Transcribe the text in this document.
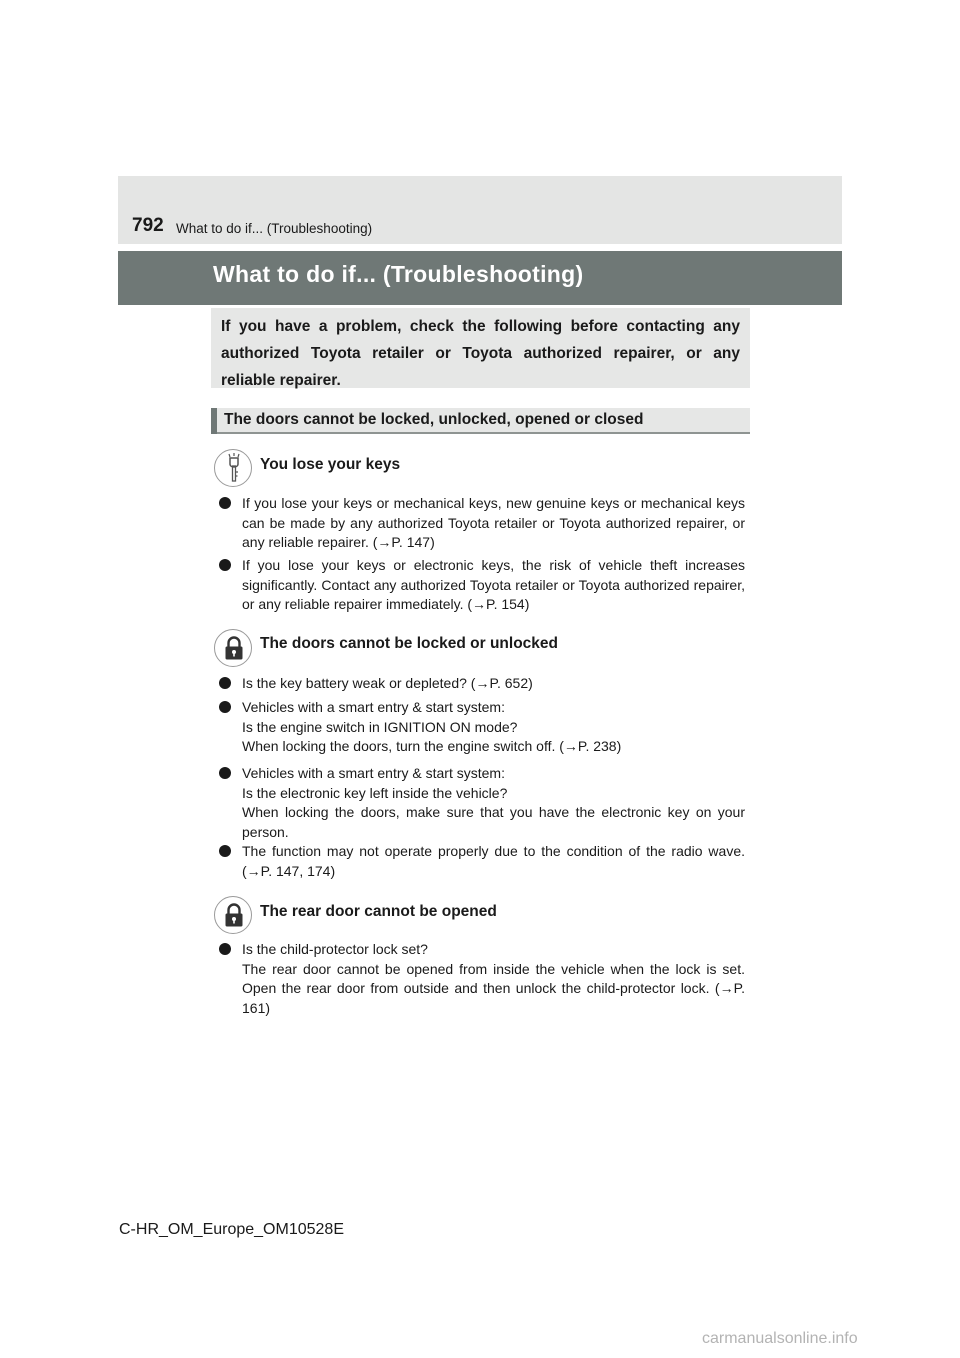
792 What to do if... (Troubleshooting)
What to do if... (Troubleshooting)
If you have a problem, check the following before contacting any authorized Toyota retailer or Toyota authorized repairer, or any reliable repairer.
The doors cannot be locked, unlocked, opened or closed
You lose your keys
If you lose your keys or mechanical keys, new genuine keys or mechanical keys can be made by any authorized Toyota retailer or Toyota authorized repairer, or any reliable repairer. (→P. 147)
If you lose your keys or electronic keys, the risk of vehicle theft increases significantly. Contact any authorized Toyota retailer or Toyota authorized repairer, or any reliable repairer immediately. (→P. 154)
The doors cannot be locked or unlocked
Is the key battery weak or depleted? (→P. 652)
Vehicles with a smart entry & start system:
Is the engine switch in IGNITION ON mode?
When locking the doors, turn the engine switch off. (→P. 238)
Vehicles with a smart entry & start system:
Is the electronic key left inside the vehicle?
When locking the doors, make sure that you have the electronic key on your person.
The function may not operate properly due to the condition of the radio wave. (→P. 147, 174)
The rear door cannot be opened
Is the child-protector lock set?
The rear door cannot be opened from inside the vehicle when the lock is set. Open the rear door from outside and then unlock the child-protector lock. (→P. 161)
C-HR_OM_Europe_OM10528E
carmanualsonline.info
